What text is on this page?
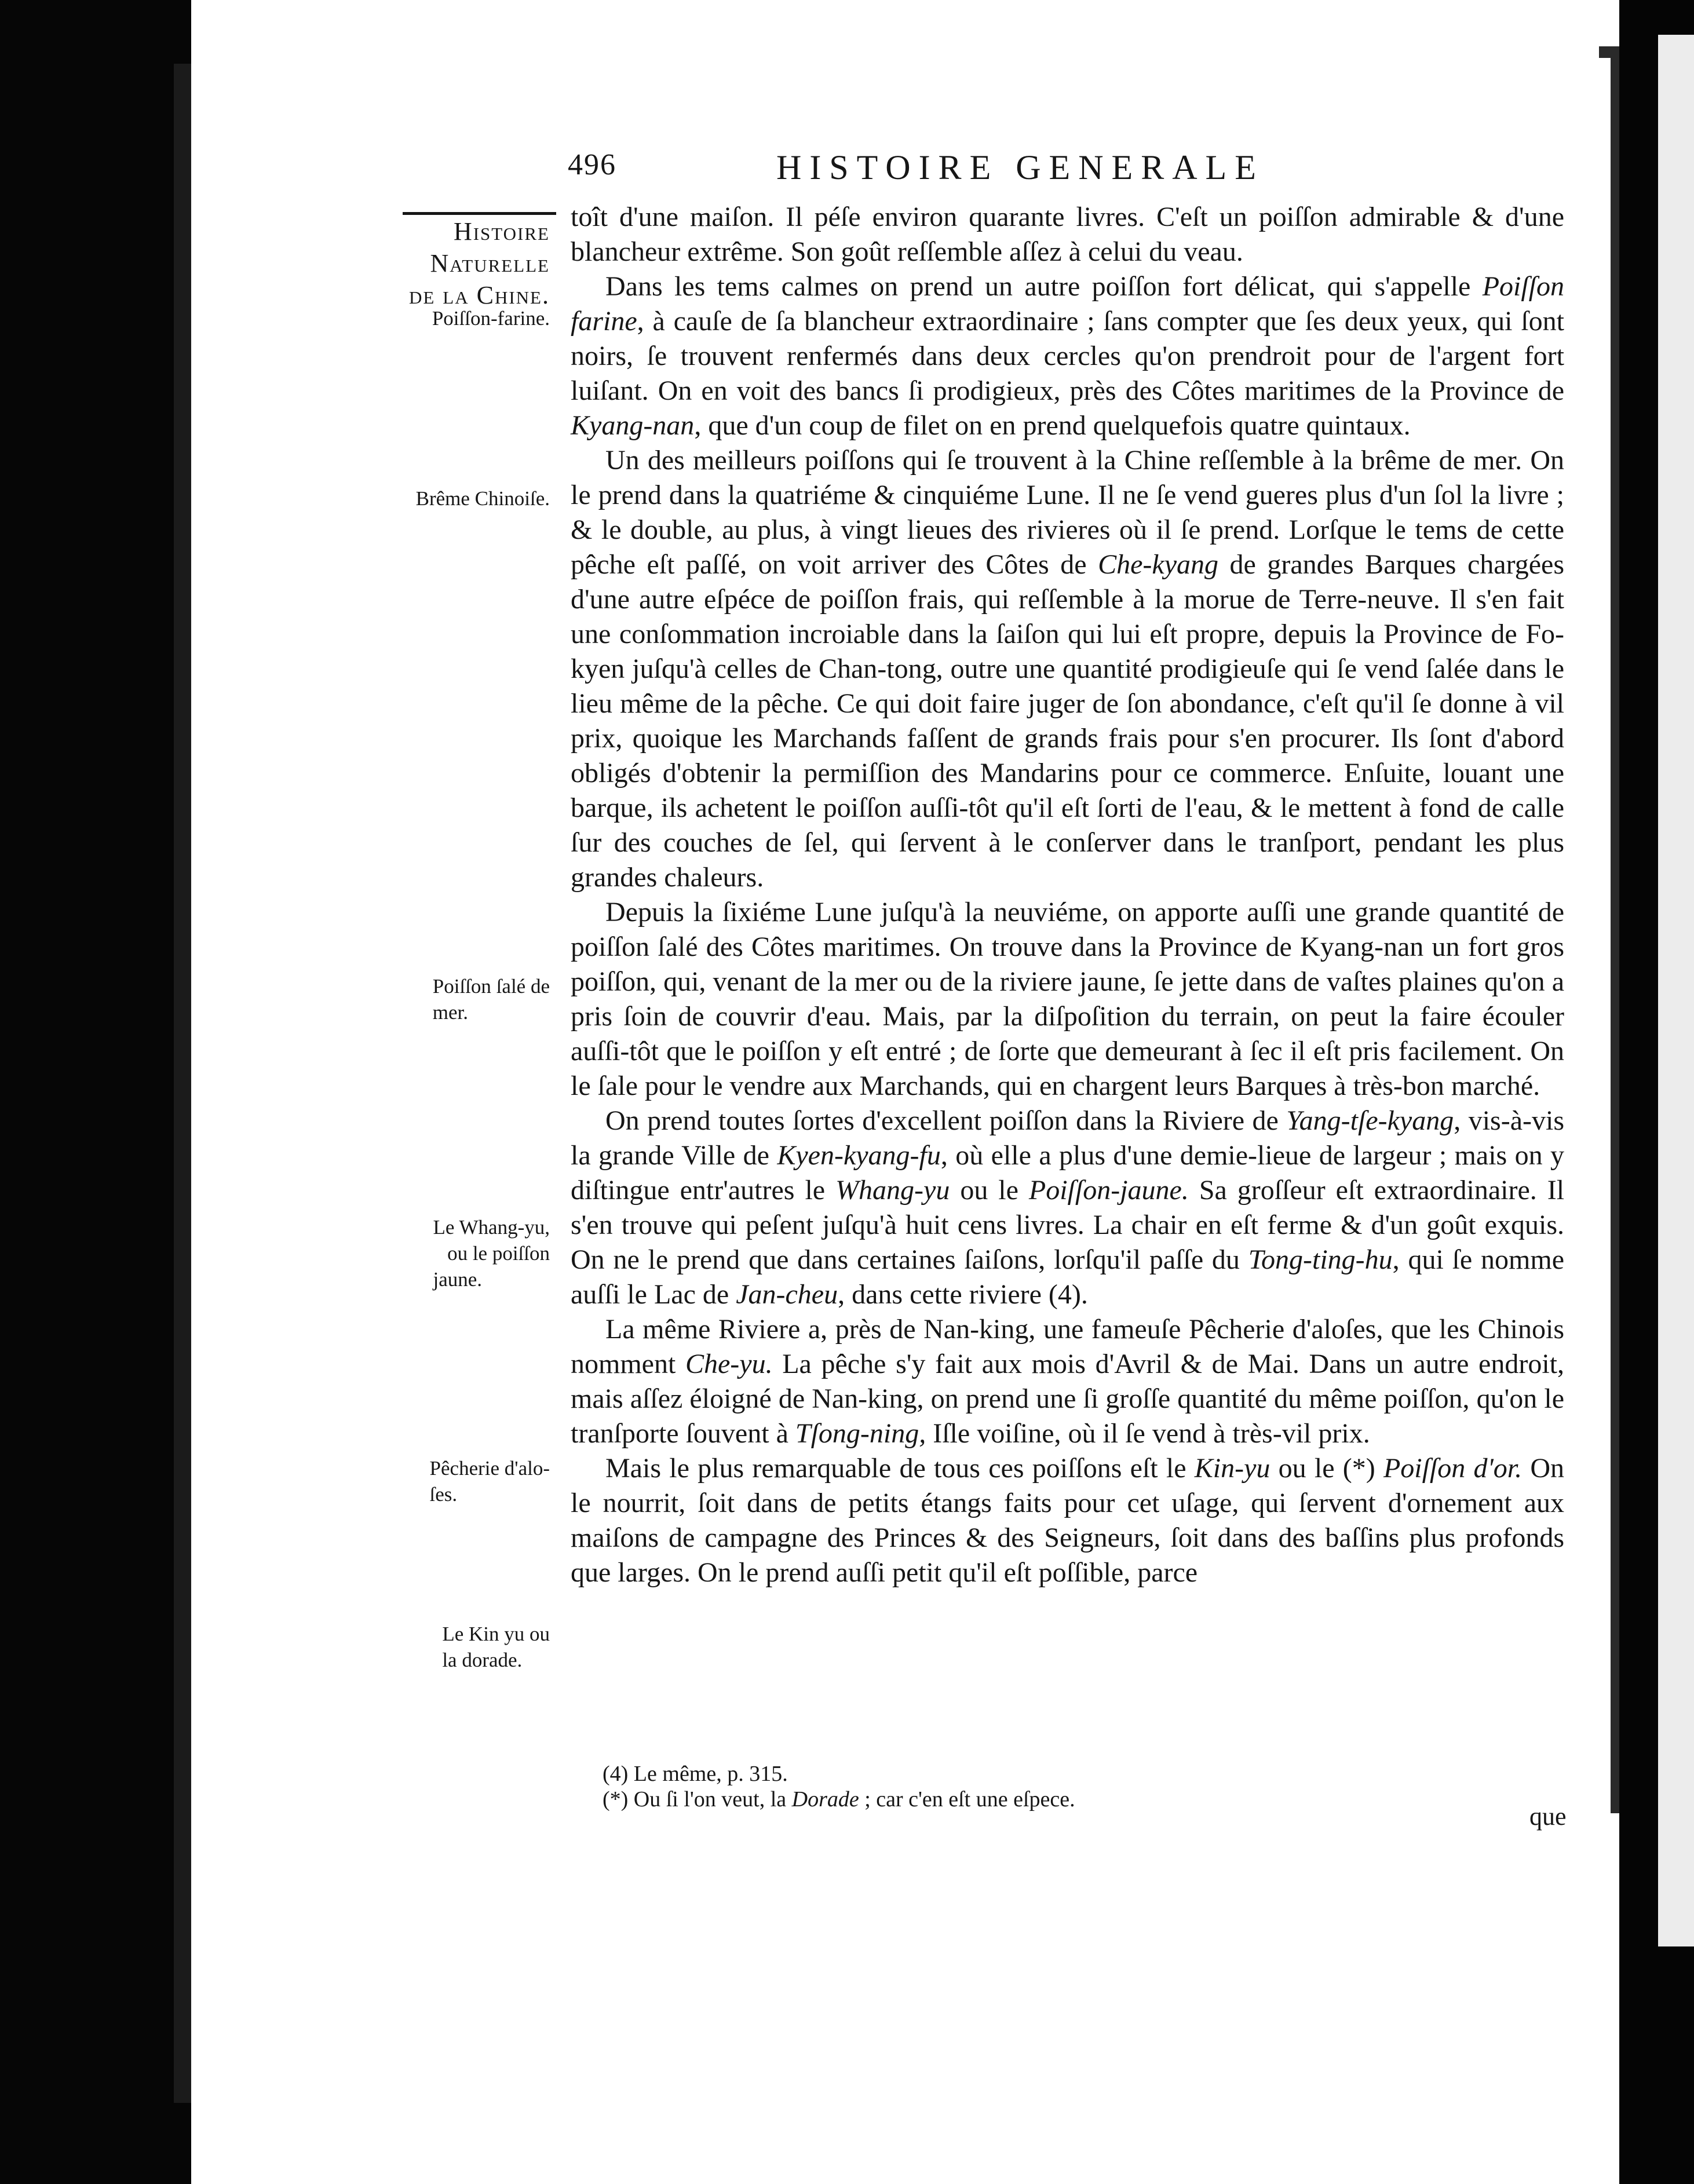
496	HISTOIRE GENERALE
Histoire
Naturelle
de la Chine.
Poiſſon-farine.
Brême Chinoiſe.
Poiſſon ſalé de
mer.
Le Whang-yu,
ou le poiſſon
jaune.
Pêcherie d'alo-
ſes.
Le Kin yu ou
la dorade.

toît d'une maiſon. Il péſe environ quarante livres. C'eſt un poiſſon admirable & d'une blancheur extrême. Son goût reſſemble aſſez à celui du veau.

Dans les tems calmes on prend un autre poiſſon fort délicat, qui s'appelle Poiſſon farine, à cauſe de ſa blancheur extraordinaire ; ſans compter que ſes deux yeux, qui ſont noirs, ſe trouvent renfermés dans deux cercles qu'on prendroit pour de l'argent fort luiſant. On en voit des bancs ſi prodigieux, près des Côtes maritimes de la Province de Kyang-nan, que d'un coup de filet on en prend quelquefois quatre quintaux.

Un des meilleurs poiſſons qui ſe trouvent à la Chine reſſemble à la brême de mer. On le prend dans la quatriéme & cinquiéme Lune. Il ne ſe vend gueres plus d'un ſol la livre ; & le double, au plus, à vingt lieues des rivieres où il ſe prend. Lorſque le tems de cette pêche eſt paſſé, on voit arriver des Côtes de Che-kyang de grandes Barques chargées d'une autre eſpéce de poiſſon frais, qui reſſemble à la morue de Terre-neuve. Il s'en fait une conſommation incroiable dans la ſaiſon qui lui eſt propre, depuis la Province de Fo-kyen juſqu'à celles de Chan-tong, outre une quantité prodigieuſe qui ſe vend ſalée dans le lieu même de la pêche. Ce qui doit faire juger de ſon abondance, c'eſt qu'il ſe donne à vil prix, quoique les Marchands faſſent de grands frais pour s'en procurer. Ils ſont d'abord obligés d'obtenir la permiſſion des Mandarins pour ce commerce. Enſuite, louant une barque, ils achetent le poiſſon auſſi-tôt qu'il eſt ſorti de l'eau, & le mettent à fond de calle ſur des couches de ſel, qui ſervent à le conſerver dans le tranſport, pendant les plus grandes chaleurs.

Depuis la ſixiéme Lune juſqu'à la neuviéme, on apporte auſſi une grande quantité de poiſſon ſalé des Côtes maritimes. On trouve dans la Province de Kyang-nan un fort gros poiſſon, qui, venant de la mer ou de la riviere jaune, ſe jette dans de vaſtes plaines qu'on a pris ſoin de couvrir d'eau. Mais, par la diſpoſition du terrain, on peut la faire écouler auſſi-tôt que le poiſſon y eſt entré ; de ſorte que demeurant à ſec il eſt pris facilement. On le ſale pour le vendre aux Marchands, qui en chargent leurs Barques à très-bon marché.

On prend toutes ſortes d'excellent poiſſon dans la Riviere de Yang-tſe-kyang, vis-à-vis la grande Ville de Kyen-kyang-fu, où elle a plus d'une demie-lieue de largeur ; mais on y diſtingue entr'autres le Whang-yu ou le Poiſſon-jaune. Sa groſſeur eſt extraordinaire. Il s'en trouve qui peſent juſqu'à huit cens livres. La chair en eſt ferme & d'un goût exquis. On ne le prend que dans certaines ſaiſons, lorſqu'il paſſe du Tong-ting-hu, qui ſe nomme auſſi le Lac de Jan-cheu, dans cette riviere (4).

La même Riviere a, près de Nan-king, une fameuſe Pêcherie d'aloſes, que les Chinois nomment Che-yu. La pêche s'y fait aux mois d'Avril & de Mai. Dans un autre endroit, mais aſſez éloigné de Nan-king, on prend une ſi groſſe quantité du même poiſſon, qu'on le tranſporte ſouvent à Tſong-ning, Iſle voiſine, où il ſe vend à très-vil prix.

Mais le plus remarquable de tous ces poiſſons eſt le Kin-yu ou le (*) Poiſſon d'or. On le nourrit, ſoit dans de petits étangs faits pour cet uſage, qui ſervent d'ornement aux maiſons de campagne des Princes & des Seigneurs, ſoit dans des baſſins plus profonds que larges. On le prend auſſi petit qu'il eſt poſſible, parce

(4) Le même, p. 315.
(*) Ou ſi l'on veut, la Dorade ; car c'en eſt une eſpece.
que
